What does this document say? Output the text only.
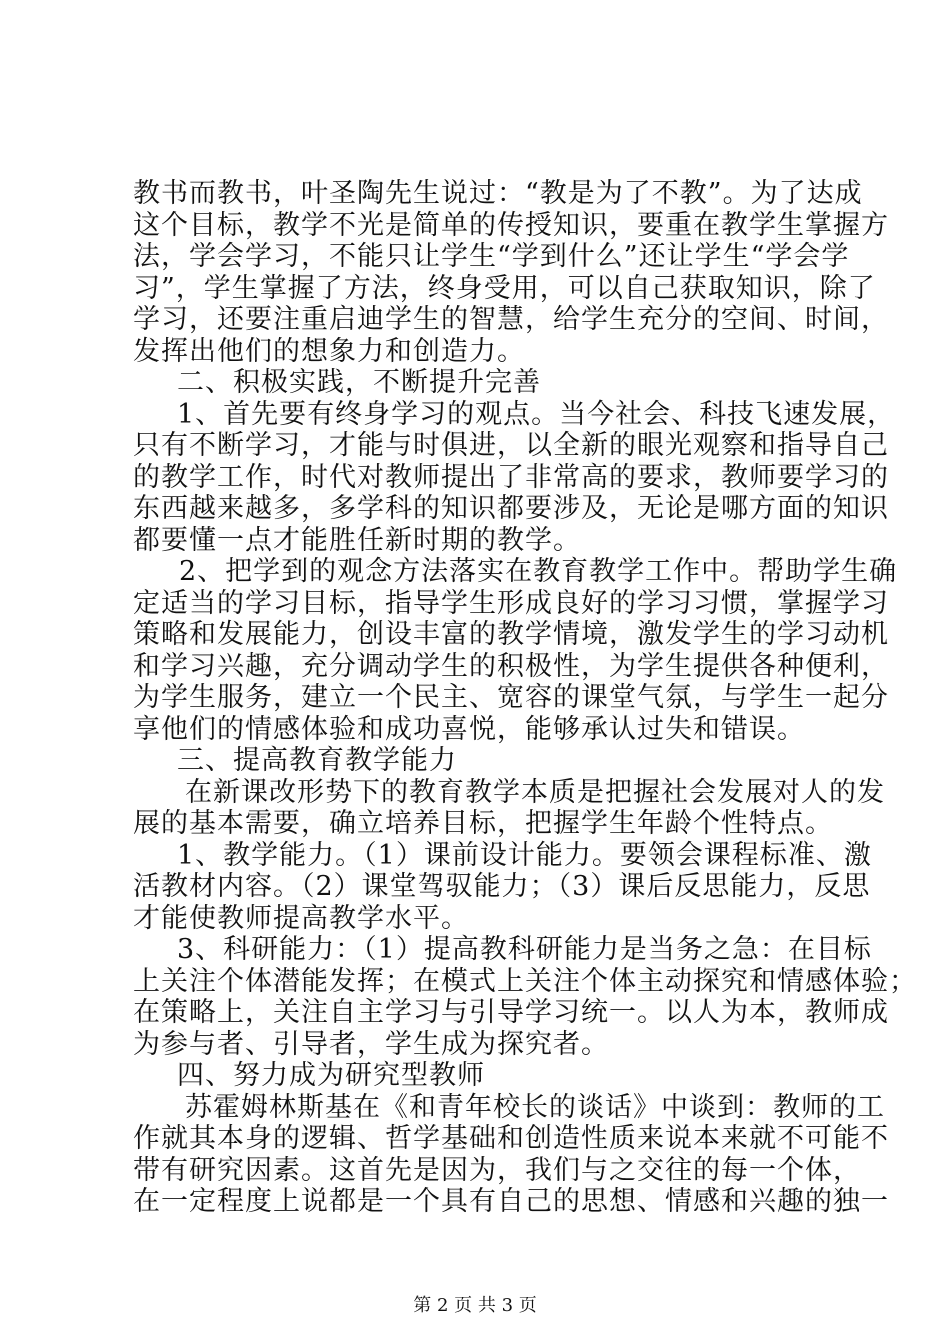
教书而教书，叶圣陶先生说过：“教是为了不教”。为了达成
这个目标，教学不光是简单的传授知识，要重在教学生掌握方
法，学会学习，不能只让学生“学到什么”还让学生“学会学
习”，学生掌握了方法，终身受用，可以自己获取知识，除了
学习，还要注重启迪学生的智慧，给学生充分的空间、时间，
发挥出他们的想象力和创造力。
二、积极实践，不断提升完善
1、首先要有终身学习的观点。当今社会、科技飞速发展，
只有不断学习，才能与时俱进，以全新的眼光观察和指导自己
的教学工作，时代对教师提出了非常高的要求，教师要学习的
东西越来越多，多学科的知识都要涉及，无论是哪方面的知识
都要懂一点才能胜任新时期的教学。
2、把学到的观念方法落实在教育教学工作中。帮助学生确
定适当的学习目标，指导学生形成良好的学习习惯，掌握学习
策略和发展能力，创设丰富的教学情境，激发学生的学习动机
和学习兴趣，充分调动学生的积极性，为学生提供各种便利，
为学生服务，建立一个民主、宽容的课堂气氛，与学生一起分
享他们的情感体验和成功喜悦，能够承认过失和错误。
三、提高教育教学能力
在新课改形势下的教育教学本质是把握社会发展对人的发
展的基本需要，确立培养目标，把握学生年龄个性特点。
1、教学能力。（1）课前设计能力。要领会课程标准、激
活教材内容。（2）课堂驾驭能力；（3）课后反思能力，反思
才能使教师提高教学水平。
3、科研能力：（1）提高教科研能力是当务之急：在目标
上关注个体潜能发挥；在模式上关注个体主动探究和情感体验；
在策略上，关注自主学习与引导学习统一。以人为本，教师成
为参与者、引导者，学生成为探究者。
四、努力成为研究型教师
苏霍姆林斯基在《和青年校长的谈话》中谈到：教师的工
作就其本身的逻辑、哲学基础和创造性质来说本来就不可能不
带有研究因素。这首先是因为，我们与之交往的每一个体，
在一定程度上说都是一个具有自己的思想、情感和兴趣的独一
第 2 页 共 3 页
